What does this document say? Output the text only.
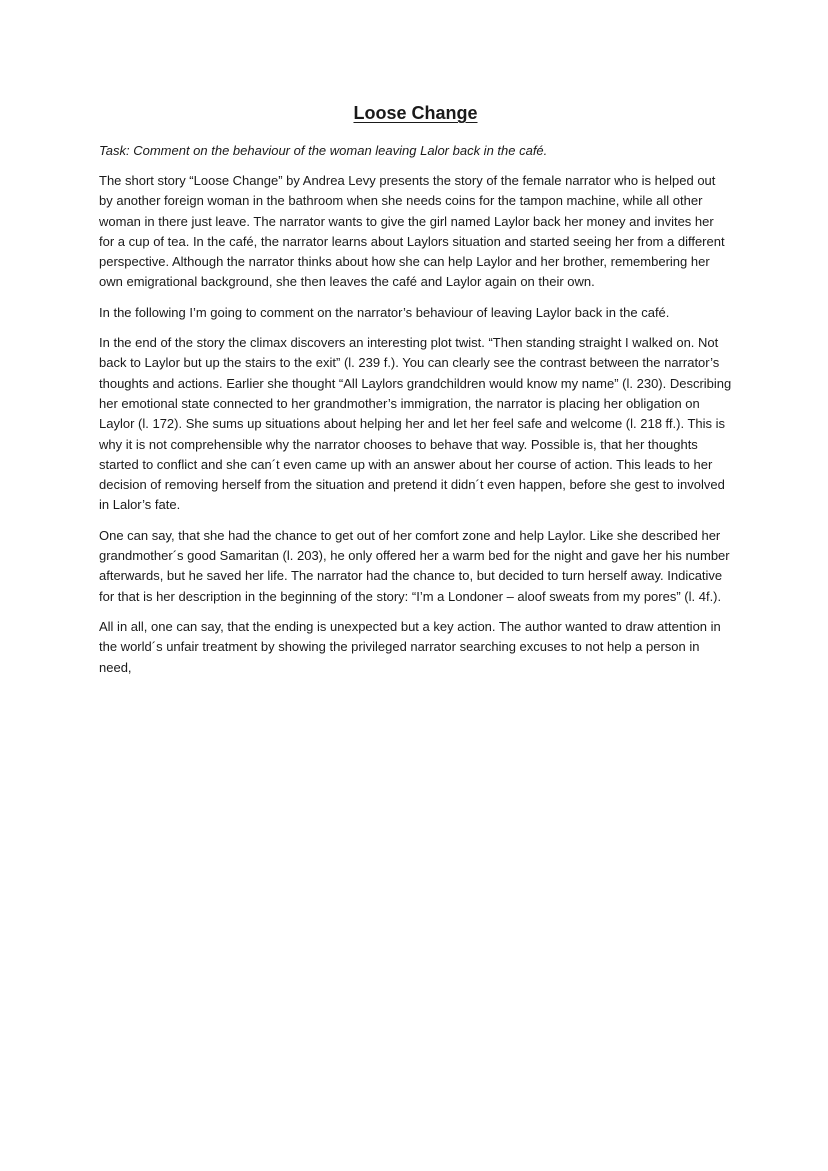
Loose Change

Task: Comment on the behaviour of the woman leaving Lalor back in the café.

The short story “Loose Change” by Andrea Levy presents the story of the female narrator who is helped out by another foreign woman in the bathroom when she needs coins for the tampon machine, while all other woman in there just leave. The narrator wants to give the girl named Laylor back her money and invites her for a cup of tea. In the café, the narrator learns about Laylors situation and started seeing her from a different perspective. Although the narrator thinks about how she can help Laylor and her brother, remembering her own emigrational background, she then leaves the café and Laylor again on their own.

In the following I’m going to comment on the narrator’s behaviour of leaving Laylor back in the café.

In the end of the story the climax discovers an interesting plot twist. “Then standing straight I walked on. Not back to Laylor but up the stairs to the exit” (l. 239 f.). You can clearly see the contrast between the narrator’s thoughts and actions. Earlier she thought “All Laylors grandchildren would know my name” (l. 230). Describing her emotional state connected to her grandmother’s immigration, the narrator is placing her obligation on Laylor (l. 172). She sums up situations about helping her and let her feel safe and welcome (l. 218 ff.). This is why it is not comprehensible why the narrator chooses to behave that way. Possible is, that her thoughts started to conflict and she can´t even came up with an answer about her course of action. This leads to her decision of removing herself from the situation and pretend it didn´t even happen, before she gest to involved in Lalor’s fate.

One can say, that she had the chance to get out of her comfort zone and help Laylor. Like she described her grandmother´s good Samaritan (l. 203), he only offered her a warm bed for the night and gave her his number afterwards, but he saved her life. The narrator had the chance to, but decided to turn herself away. Indicative for that is her description in the beginning of the story: “I’m a Londoner – aloof sweats from my pores” (l. 4f.).

All in all, one can say, that the ending is unexpected but a key action. The author wanted to draw attention in the world´s unfair treatment by showing the privileged narrator searching excuses to not help a person in need,
